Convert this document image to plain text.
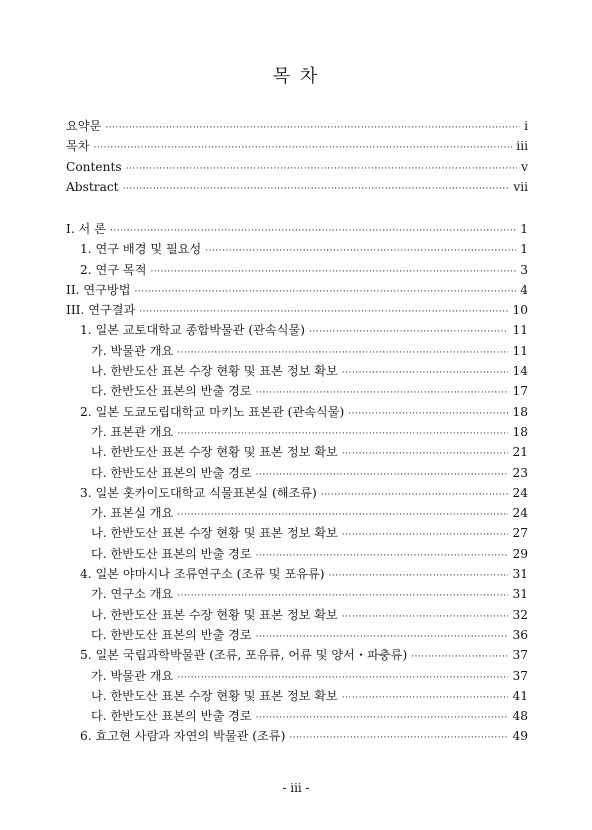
목 차
요약문 ·····	i
목차 ·····	iii
Contents ·····	v
Abstract ·····	vii
I. 서 론 ·····	1
1. 연구 배경 및 필요성 ·····	1
2. 연구 목적 ·····	3
II. 연구방법 ·····	4
III. 연구결과 ·····	10
1. 일본 교토대학교 종합박물관 (관속식물) ·····	11
가. 박물관 개요 ·····	11
나. 한반도산 표본 수장 현황 및 표본 정보 확보 ·····	14
다. 한반도산 표본의 반출 경로 ·····	17
2. 일본 도쿄도립대학교 마키노 표본관 (관속식물) ·····	18
가. 표본관 개요 ·····	18
나. 한반도산 표본 수장 현황 및 표본 정보 확보 ·····	21
다. 한반도산 표본의 반출 경로 ·····	23
3. 일본 홋카이도대학교 식물표본실 (해조류) ·····	24
가. 표본실 개요 ·····	24
나. 한반도산 표본 수장 현황 및 표본 정보 확보 ·····	27
다. 한반도산 표본의 반출 경로 ·····	29
4. 일본 야마시나 조류연구소 (조류 및 포유류) ·····	31
가. 연구소 개요 ·····	31
나. 한반도산 표본 수장 현황 및 표본 정보 확보 ·····	32
다. 한반도산 표본의 반출 경로 ·····	36
5. 일본 국립과학박물관 (조류, 포유류, 어류 및 양서・파충류) ·····	37
가. 박물관 개요 ·····	37
나. 한반도산 표본 수장 현황 및 표본 정보 확보 ·····	41
다. 한반도산 표본의 반출 경로 ·····	48
6. 효고현 사람과 자연의 박물관 (조류) ·····	49
- iii -
